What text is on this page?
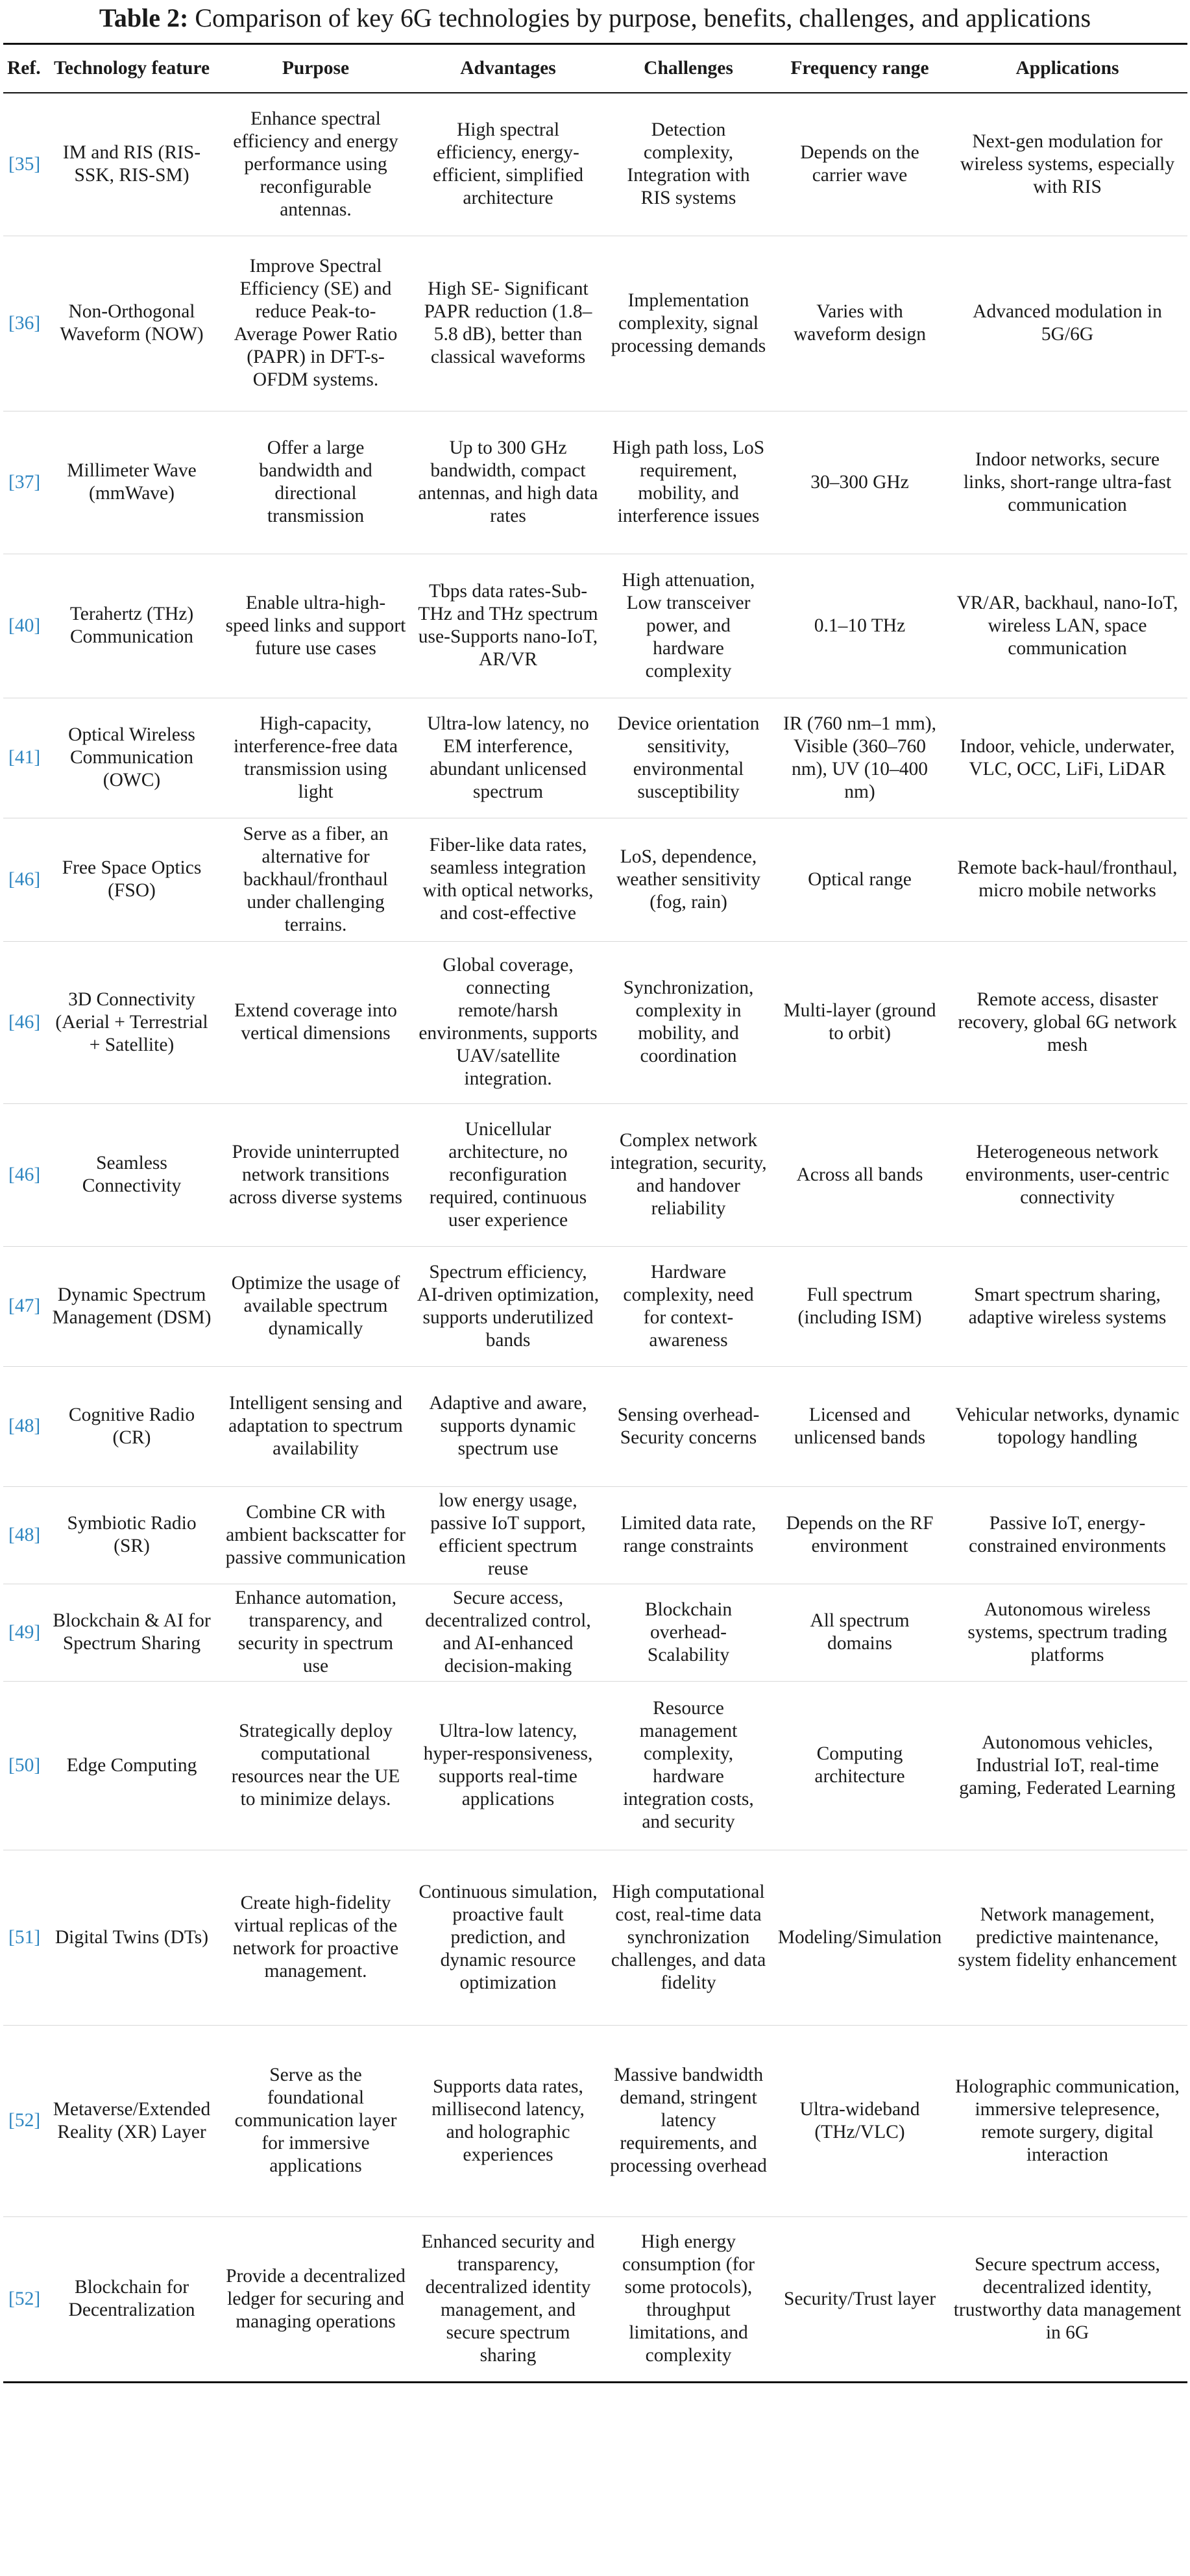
Table 2: Comparison of key 6G technologies by purpose, benefits, challenges, and applications
Ref.	Technology feature	Purpose	Advantages	Challenges	Frequency range	Applications
[35]	IM and RIS (RIS-SSK, RIS-SM)	Enhance spectral efficiency and energy performance using reconfigurable antennas.	High spectral efficiency, energy-efficient, simplified architecture	Detection complexity, Integration with RIS systems	Depends on the carrier wave	Next-gen modulation for wireless systems, especially with RIS
[36]	Non-Orthogonal Waveform (NOW)	Improve Spectral Efficiency (SE) and reduce Peak-to-Average Power Ratio (PAPR) in DFT-s-OFDM systems.	High SE- Significant PAPR reduction (1.8–5.8 dB), better than classical waveforms	Implementation complexity, signal processing demands	Varies with waveform design	Advanced modulation in 5G/6G
[37]	Millimeter Wave (mmWave)	Offer a large bandwidth and directional transmission	Up to 300 GHz bandwidth, compact antennas, and high data rates	High path loss, LoS requirement, mobility, and interference issues	30–300 GHz	Indoor networks, secure links, short-range ultra-fast communication
[40]	Terahertz (THz) Communication	Enable ultra-high-speed links and support future use cases	Tbps data rates-Sub-THz and THz spectrum use-Supports nano-IoT, AR/VR	High attenuation, Low transceiver power, and hardware complexity	0.1–10 THz	VR/AR, backhaul, nano-IoT, wireless LAN, space communication
[41]	Optical Wireless Communication (OWC)	High-capacity, interference-free data transmission using light	Ultra-low latency, no EM interference, abundant unlicensed spectrum	Device orientation sensitivity, environmental susceptibility	IR (760 nm–1 mm), Visible (360–760 nm), UV (10–400 nm)	Indoor, vehicle, underwater, VLC, OCC, LiFi, LiDAR
[46]	Free Space Optics (FSO)	Serve as a fiber, an alternative for backhaul/fronthaul under challenging terrains.	Fiber-like data rates, seamless integration with optical networks, and cost-effective	LoS, dependence, weather sensitivity (fog, rain)	Optical range	Remote back-haul/fronthaul, micro mobile networks
[46]	3D Connectivity (Aerial + Terrestrial + Satellite)	Extend coverage into vertical dimensions	Global coverage, connecting remote/harsh environments, supports UAV/satellite integration.	Synchronization, complexity in mobility, and coordination	Multi-layer (ground to orbit)	Remote access, disaster recovery, global 6G network mesh
[46]	Seamless Connectivity	Provide uninterrupted network transitions across diverse systems	Unicellular architecture, no reconfiguration required, continuous user experience	Complex network integration, security, and handover reliability	Across all bands	Heterogeneous network environments, user-centric connectivity
[47]	Dynamic Spectrum Management (DSM)	Optimize the usage of available spectrum dynamically	Spectrum efficiency, AI-driven optimization, supports underutilized bands	Hardware complexity, need for context-awareness	Full spectrum (including ISM)	Smart spectrum sharing, adaptive wireless systems
[48]	Cognitive Radio (CR)	Intelligent sensing and adaptation to spectrum availability	Adaptive and aware, supports dynamic spectrum use	Sensing overhead-Security concerns	Licensed and unlicensed bands	Vehicular networks, dynamic topology handling
[48]	Symbiotic Radio (SR)	Combine CR with ambient backscatter for passive communication	low energy usage, passive IoT support, efficient spectrum reuse	Limited data rate, range constraints	Depends on the RF environment	Passive IoT, energy-constrained environments
[49]	Blockchain & AI for Spectrum Sharing	Enhance automation, transparency, and security in spectrum use	Secure access, decentralized control, and AI-enhanced decision-making	Blockchain overhead-Scalability	All spectrum domains	Autonomous wireless systems, spectrum trading platforms
[50]	Edge Computing	Strategically deploy computational resources near the UE to minimize delays.	Ultra-low latency, hyper-responsiveness, supports real-time applications	Resource management complexity, hardware integration costs, and security	Computing architecture	Autonomous vehicles, Industrial IoT, real-time gaming, Federated Learning
[51]	Digital Twins (DTs)	Create high-fidelity virtual replicas of the network for proactive management.	Continuous simulation, proactive fault prediction, and dynamic resource optimization	High computational cost, real-time data synchronization challenges, and data fidelity	Modeling/Simulation	Network management, predictive maintenance, system fidelity enhancement
[52]	Metaverse/Extended Reality (XR) Layer	Serve as the foundational communication layer for immersive applications	Supports data rates, millisecond latency, and holographic experiences	Massive bandwidth demand, stringent latency requirements, and processing overhead	Ultra-wideband (THz/VLC)	Holographic communication, immersive telepresence, remote surgery, digital interaction
[52]	Blockchain for Decentralization	Provide a decentralized ledger for securing and managing operations	Enhanced security and transparency, decentralized identity management, and secure spectrum sharing	High energy consumption (for some protocols), throughput limitations, and complexity	Security/Trust layer	Secure spectrum access, decentralized identity, trustworthy data management in 6G
